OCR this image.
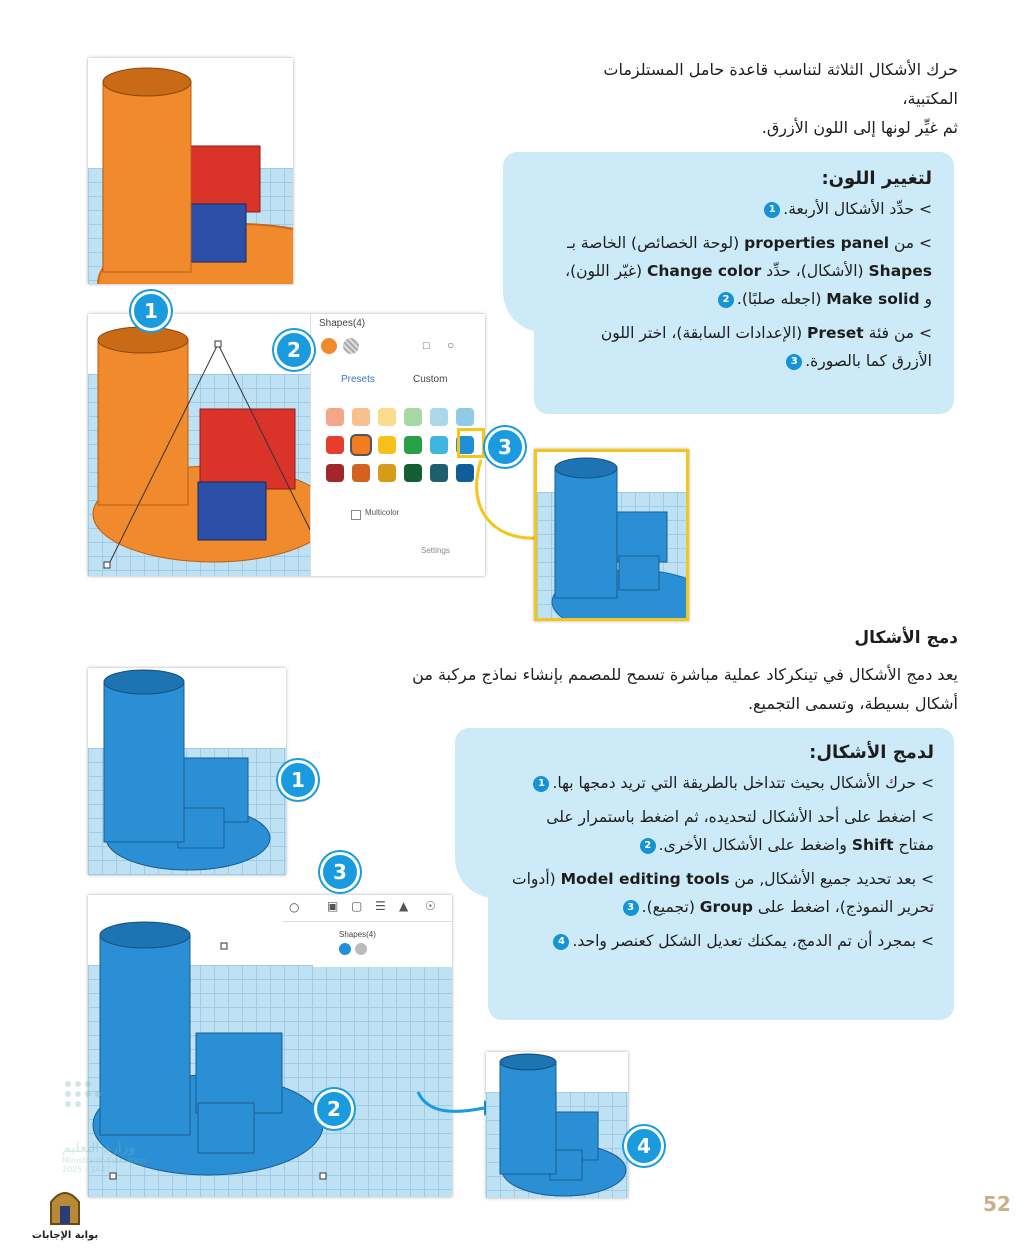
حرك الأشكال الثلاثة لتناسب قاعدة حامل المستلزمات المكتبية،
ثم غيِّر لونها إلى اللون الأزرق.
Shapes(4)
□ ○
Presets	Custom
Multicolor
Settings
1
2
3
لتغيير اللون:
> حدِّد الأشكال الأربعة.1
> من properties panel (لوحة الخصائص) الخاصة بـ Shapes (الأشكال)، حدِّد Change color (غيّر اللون)، و Make solid (اجعله صلبًا).2
> من فئة Preset (الإعدادات السابقة)، اختر اللون الأزرق كما بالصورة.3
دمج الأشكال
يعد دمج الأشكال في تينكركاد عملية مباشرة تسمح للمصمم بإنشاء نماذج مركبة من
أشكال بسيطة، وتسمى التجميع.
1
○ ▣ ▢ ☰ ▲ ☉
Shapes(4)
3
2
4
لدمج الأشكال:
> حرك الأشكال بحيث تتداخل بالطريقة التي تريد دمجها بها.1
> اضغط على أحد الأشكال لتحديده، ثم اضغط باستمرار على مفتاح Shift واضغط على الأشكال الأخرى.2
> بعد تحديد جميع الأشكال, من Model editing tools (أدوات تحرير النموذج)، اضغط على Group (تجميع).3
> بمجرد أن تم الدمج، يمكنك تعديل الشكل كعنصر واحد.4
وزارة التعليم
Ministry of Education
2025 - 1447
بوابة الإجابات
52
